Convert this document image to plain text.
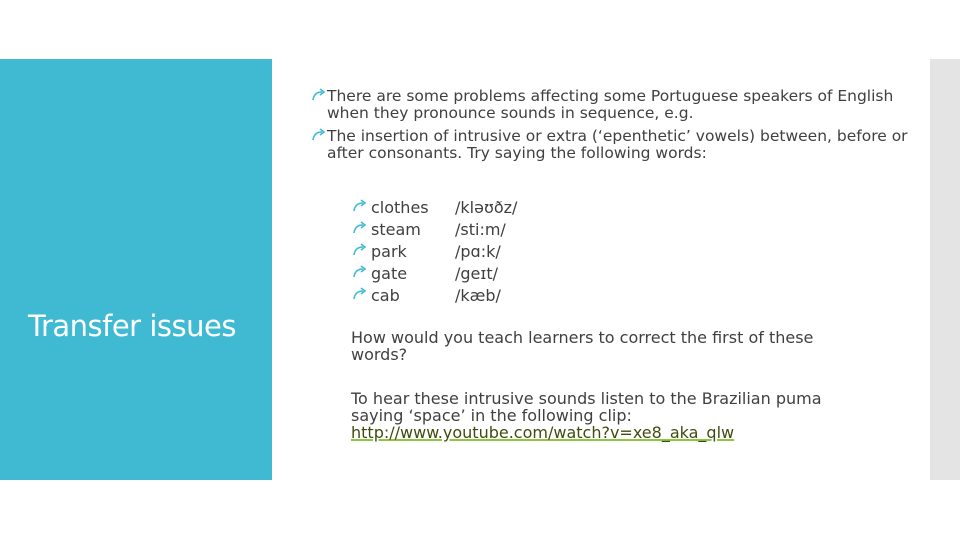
Transfer issues

There are some problems affecting some Portuguese speakers of English when they pronounce sounds in sequence, e.g.

The insertion of intrusive or extra (‘epenthetic’ vowels) between, before or after consonants. Try saying the following words:

clothes /kləʊðz/
steam /sti:m/
park	/pɑ:k/
gate	/geɪt/
cab	/kæb/

How would you teach learners to correct the first of these words?

To hear these intrusive sounds listen to the Brazilian puma saying ‘space’ in the following clip:
http://www.youtube.com/watch?v=xe8_aka_qlw
